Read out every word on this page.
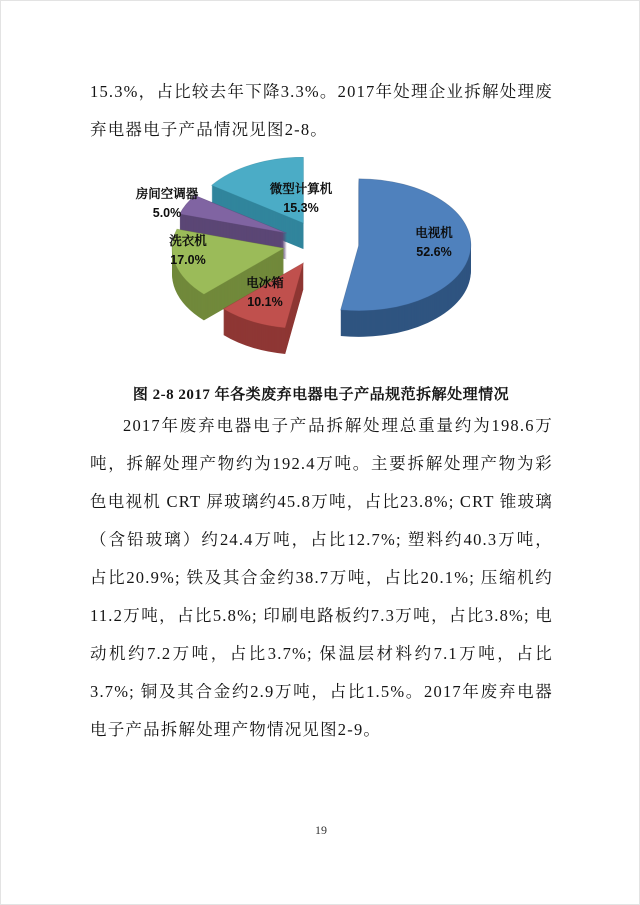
15.3%，占比较去年下降3.3%。2017年处理企业拆解处理废弃电器电子产品情况见图2-8。

电视机
52.6%
电冰箱
10.1%
洗衣机
17.0%
房间空调器
5.0%
微型计算机
15.3%

图 2-8 2017 年各类废弃电器电子产品规范拆解处理情况

2017年废弃电器电子产品拆解处理总重量约为198.6万吨，拆解处理产物约为192.4万吨。主要拆解处理产物为彩色电视机 CRT 屏玻璃约45.8万吨，占比23.8%; CRT 锥玻璃（含铅玻璃）约24.4万吨，占比12.7%; 塑料约40.3万吨，占比20.9%; 铁及其合金约38.7万吨，占比20.1%; 压缩机约11.2万吨，占比5.8%; 印刷电路板约7.3万吨，占比3.8%; 电动机约7.2万吨，占比3.7%; 保温层材料约7.1万吨，占比3.7%; 铜及其合金约2.9万吨，占比1.5%。2017年废弃电器电子产品拆解处理产物情况见图2-9。

19
